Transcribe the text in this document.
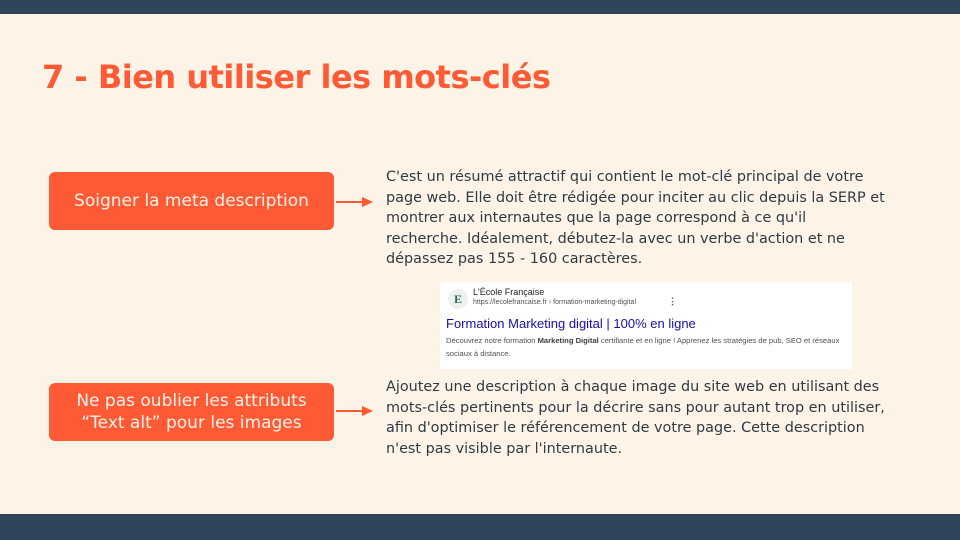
7 - Bien utiliser les mots-clés
Soigner la meta description

C'est un résumé attractif qui contient le mot-clé principal de votre page web. Elle doit être rédigée pour inciter au clic depuis la SERP et montrer aux internautes que la page correspond à ce qu'il recherche. Idéalement, débutez-la avec un verbe d'action et ne dépassez pas 155 - 160 caractères.

E	L'École Française
https://lecolefrancaise.fr › formation-marketing-digital	⋮
Formation Marketing digital | 100% en ligne
Découvrez notre formation Marketing Digital certifiante et en ligne ! Apprenez les stratégies de pub, SEO et réseaux sociaux à distance.
Ne pas oublier les attributs
“Text alt” pour les images

Ajoutez une description à chaque image du site web en utilisant des mots-clés pertinents pour la décrire sans pour autant trop en utiliser, afin d'optimiser le référencement de votre page. Cette description n'est pas visible par l'internaute.
